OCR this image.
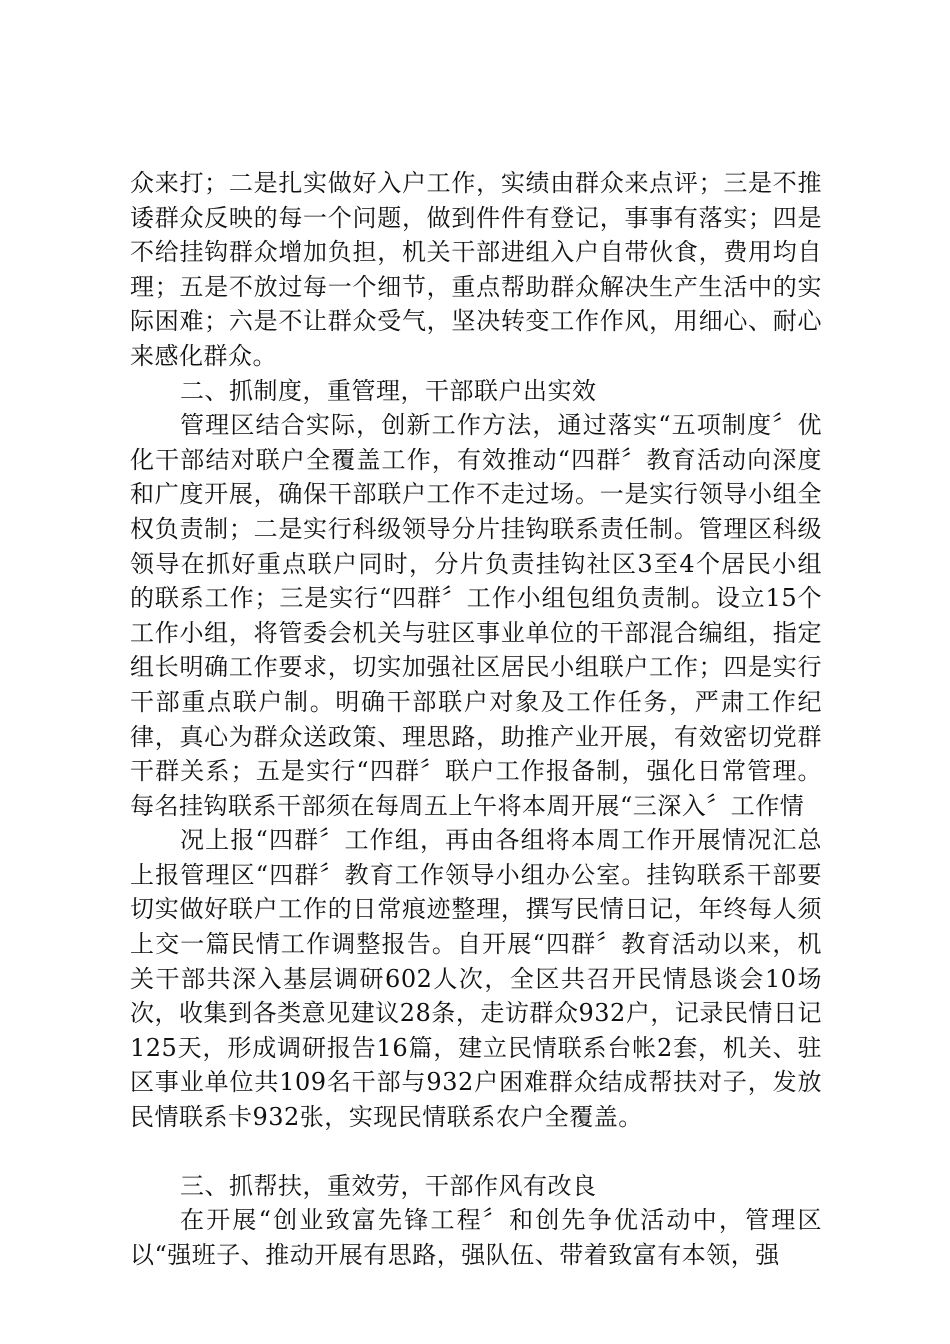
众来打；二是扎实做好入户工作，实绩由群众来点评；三是不推诿群众反映的每一个问题，做到件件有登记，事事有落实；四是不给挂钩群众增加负担，机关干部进组入户自带伙食，费用均自理；五是不放过每一个细节，重点帮助群众解决生产生活中的实际困难；六是不让群众受气，坚决转变工作作风，用细心、耐心来感化群众。

二、抓制度，重管理，干部联户出实效

管理区结合实际，创新工作方法，通过落实“五项制度〞优化干部结对联户全覆盖工作，有效推动“四群〞教育活动向深度和广度开展，确保干部联户工作不走过场。一是实行领导小组全权负责制；二是实行科级领导分片挂钩联系责任制。管理区科级领导在抓好重点联户同时，分片负责挂钩社区3至4个居民小组的联系工作；三是实行“四群〞工作小组包组负责制。设立15个工作小组，将管委会机关与驻区事业单位的干部混合编组，指定组长明确工作要求，切实加强社区居民小组联户工作；四是实行干部重点联户制。明确干部联户对象及工作任务，严肃工作纪律，真心为群众送政策、理思路，助推产业开展，有效密切党群干群关系；五是实行“四群〞联户工作报备制，强化日常管理。每名挂钩联系干部须在每周五上午将本周开展“三深入〞工作情

况上报“四群〞工作组，再由各组将本周工作开展情况汇总上报管理区“四群〞教育工作领导小组办公室。挂钩联系干部要切实做好联户工作的日常痕迹整理，撰写民情日记，年终每人须上交一篇民情工作调整报告。自开展“四群〞教育活动以来，机关干部共深入基层调研602人次，全区共召开民情恳谈会10场次，收集到各类意见建议28条，走访群众932户，记录民情日记125天，形成调研报告16篇，建立民情联系台帐2套，机关、驻区事业单位共109名干部与932户困难群众结成帮扶对子，发放民情联系卡932张，实现民情联系农户全覆盖。

三、抓帮扶，重效劳，干部作风有改良

在开展“创业致富先锋工程〞和创先争优活动中，管理区以“强班子、推动开展有思路，强队伍、带着致富有本领，强
